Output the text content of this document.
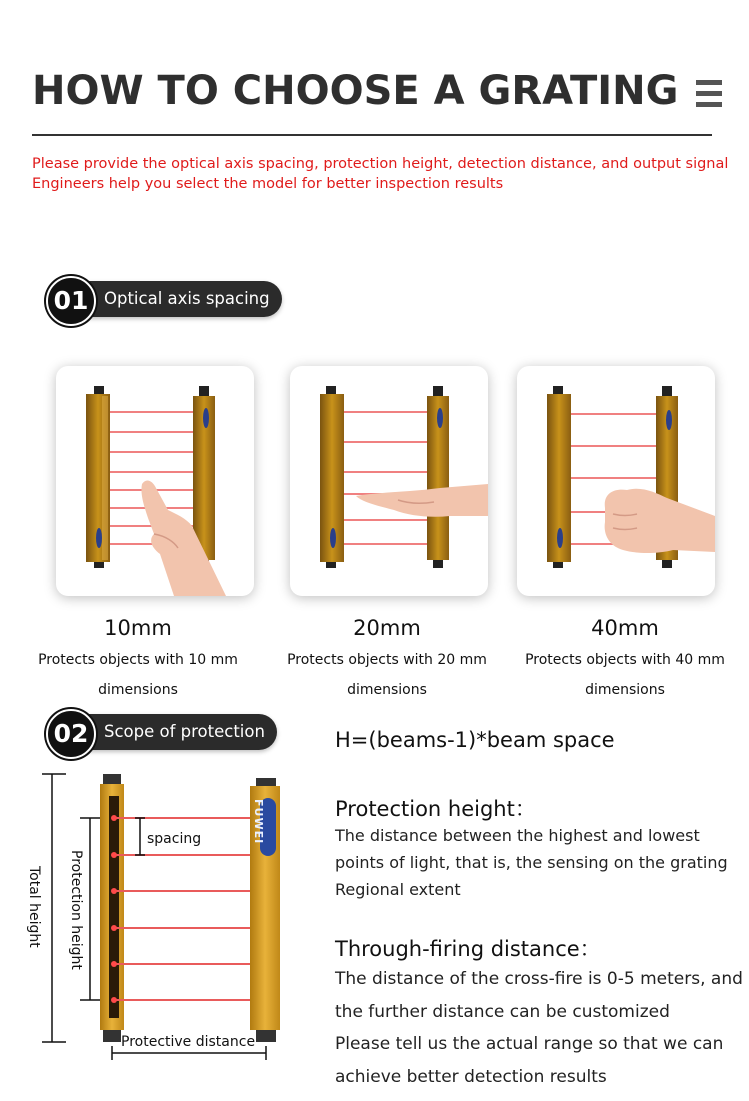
HOW TO CHOOSE A GRATING
Please provide the optical axis spacing, protection height, detection distance, and output signal
Engineers help you select the model for better inspection results
Optical axis spacing
01
10mm
Protects objects with 10 mm
dimensions
20mm
Protects objects with 20 mm
dimensions
40mm
Protects objects with 40 mm
dimensions
Scope of protection
02
FUWEI
spacing
Protective distance
Total height Protection height
H=(beams-1)*beam space
Protection height：
The distance between the highest and lowest
points of light, that is, the sensing on the grating
Regional extent
Through-firing distance：
The distance of the cross-fire is 0-5 meters, and
the further distance can be customized
Please tell us the actual range so that we can
achieve better detection results
